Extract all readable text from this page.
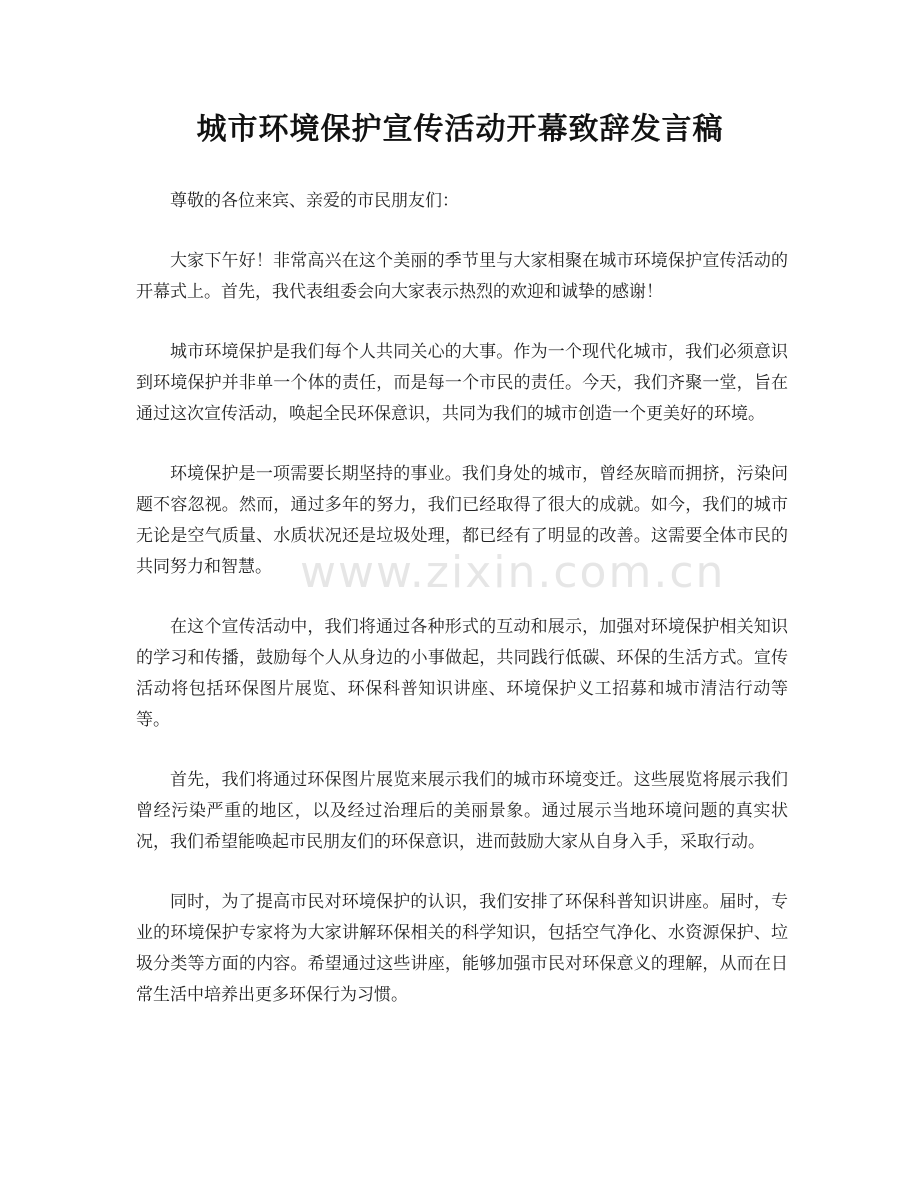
城市环境保护宣传活动开幕致辞发言稿

尊敬的各位来宾、亲爱的市民朋友们：

大家下午好！非常高兴在这个美丽的季节里与大家相聚在城市环境保护宣传活动的开幕式上。首先，我代表组委会向大家表示热烈的欢迎和诚挚的感谢！

城市环境保护是我们每个人共同关心的大事。作为一个现代化城市，我们必须意识到环境保护并非单一个体的责任，而是每一个市民的责任。今天，我们齐聚一堂，旨在通过这次宣传活动，唤起全民环保意识，共同为我们的城市创造一个更美好的环境。

环境保护是一项需要长期坚持的事业。我们身处的城市，曾经灰暗而拥挤，污染问题不容忽视。然而，通过多年的努力，我们已经取得了很大的成就。如今，我们的城市无论是空气质量、水质状况还是垃圾处理，都已经有了明显的改善。这需要全体市民的共同努力和智慧。

在这个宣传活动中，我们将通过各种形式的互动和展示，加强对环境保护相关知识的学习和传播，鼓励每个人从身边的小事做起，共同践行低碳、环保的生活方式。宣传活动将包括环保图片展览、环保科普知识讲座、环境保护义工招募和城市清洁行动等等。

首先，我们将通过环保图片展览来展示我们的城市环境变迁。这些展览将展示我们曾经污染严重的地区，以及经过治理后的美丽景象。通过展示当地环境问题的真实状况，我们希望能唤起市民朋友们的环保意识，进而鼓励大家从自身入手，采取行动。

同时，为了提高市民对环境保护的认识，我们安排了环保科普知识讲座。届时，专业的环境保护专家将为大家讲解环保相关的科学知识，包括空气净化、水资源保护、垃圾分类等方面的内容。希望通过这些讲座，能够加强市民对环保意义的理解，从而在日常生活中培养出更多环保行为习惯。

www.zixin.com.cn
